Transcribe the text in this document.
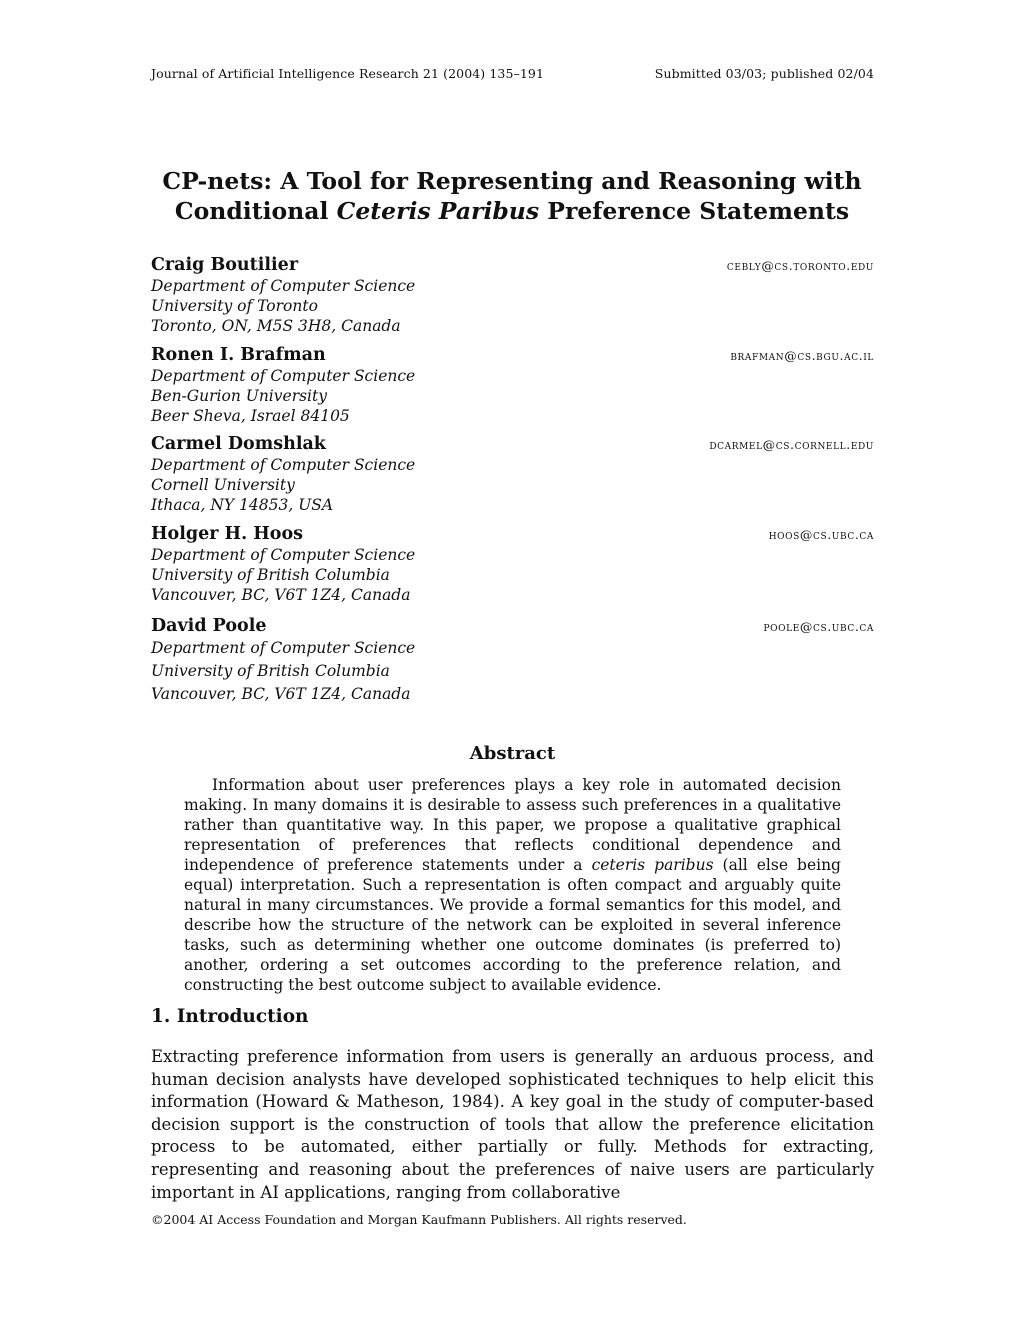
Journal of Artificial Intelligence Research 21 (2004) 135–191	Submitted 03/03; published 02/04
CP-nets: A Tool for Representing and Reasoning with
Conditional Ceteris Paribus Preference Statements
Craig Boutilier	cebly@cs.toronto.edu
Department of Computer Science
University of Toronto
Toronto, ON, M5S 3H8, Canada
Ronen I. Brafman	brafman@cs.bgu.ac.il
Department of Computer Science
Ben-Gurion University
Beer Sheva, Israel 84105
Carmel Domshlak	dcarmel@cs.cornell.edu
Department of Computer Science
Cornell University
Ithaca, NY 14853, USA
Holger H. Hoos	hoos@cs.ubc.ca
Department of Computer Science
University of British Columbia
Vancouver, BC, V6T 1Z4, Canada
David Poole	poole@cs.ubc.ca
Department of Computer Science
University of British Columbia
Vancouver, BC, V6T 1Z4, Canada
Abstract
Information about user preferences plays a key role in automated decision making. In many domains it is desirable to assess such preferences in a qualitative rather than quantitative way. In this paper, we propose a qualitative graphical representation of preferences that reflects conditional dependence and independence of preference statements under a ceteris paribus (all else being equal) interpretation. Such a representation is often compact and arguably quite natural in many circumstances. We provide a formal semantics for this model, and describe how the structure of the network can be exploited in several inference tasks, such as determining whether one outcome dominates (is preferred to) another, ordering a set outcomes according to the preference relation, and constructing the best outcome subject to available evidence.
1. Introduction
Extracting preference information from users is generally an arduous process, and human decision analysts have developed sophisticated techniques to help elicit this information (Howard & Matheson, 1984). A key goal in the study of computer-based decision support is the construction of tools that allow the preference elicitation process to be automated, either partially or fully. Methods for extracting, representing and reasoning about the preferences of naive users are particularly important in AI applications, ranging from collaborative
©2004 AI Access Foundation and Morgan Kaufmann Publishers. All rights reserved.
